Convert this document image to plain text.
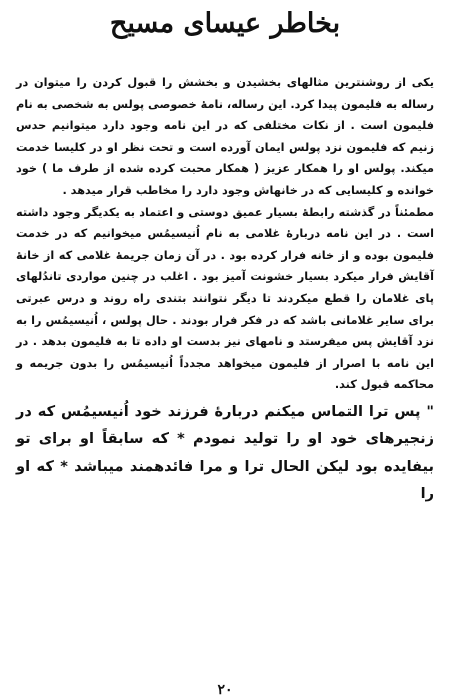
بخاطر عیسای مسیح

یکی از روشنترین مثالهای بخشیدن و بخشش را قبول کردن را میتوان در رساله به فلیمون پیدا کرد. این رساله، نامهٔ خصوصی پولس به شخصی به نام فلیمون است . از نکات مختلفی که در این نامه وجود دارد میتوانیم حدس زنیم که فلیمون نزد پولس ایمان آورده است و تحت نظر او در کلیسا خدمت میکند. پولس او را همکار عزیز ( همکار محبت کرده شده از طرف ما ) خود خوانده و کلیسایی که در خانهاش وجود دارد را مخاطب قرار میدهد .

مطمئناً در گذشته رابطهٔ بسیار عمیق دوستی و اعتماد به یکدیگر وجود داشته است . در این نامه دربارهٔ غلامی به نام اُنیسیمُس میخوانیم که در خدمت فلیمون بوده و از خانه فرار کرده بود . در آن زمان جریمهٔ غلامی که از خانهٔ آقایش فرار میکرد بسیار خشونت آمیز بود . اغلب در چنین مواردی تاندُلهای پای غلامان را قطع میکردند تا دیگر نتوانند بتندی راه روند و درس عبرتی برای سایر غلامانی باشد که در فکر فرار بودند . حال پولس ، اُنیسیمُس را به نزد آقایش پس میفرستد و نامهای نیز بدست او داده تا به فلیمون بدهد . در این نامه با اصرار از فلیمون میخواهد مجدداً اُنیسیمُس را بدون جریمه و محاکمه قبول کند.

" پس ترا التماس میکنم دربارهٔ فرزند خود اُنیسیمُس که در زنجیرهای خود او را تولید نمودم * که سابقاً او برای تو بیفایده بود لیکن الحال ترا و مرا فائدهمند میباشد * که او را

۲۰
